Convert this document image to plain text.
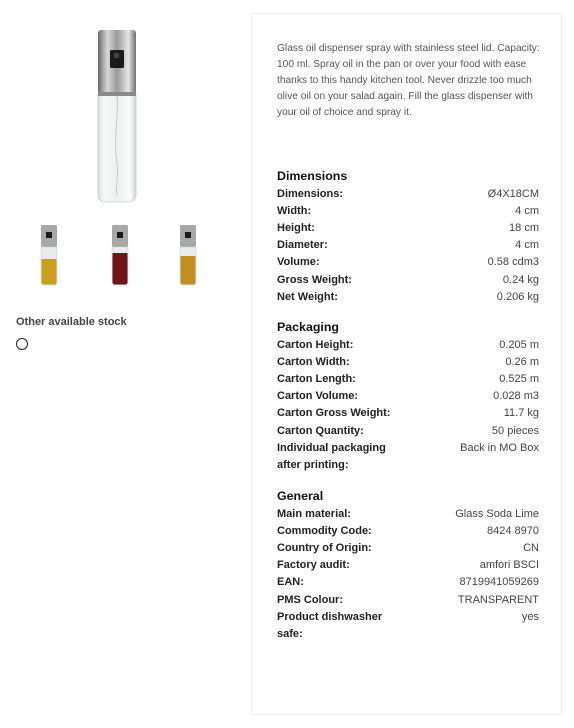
Other available stock

Glass oil dispenser spray with stainless steel lid. Capacity: 100 ml. Spray oil in the pan or over your food with ease thanks to this handy kitchen tool. Never drizzle too much olive oil on your salad again. Fill the glass dispenser with your oil of choice and spray it.

Dimensions
Dimensions:	Ø4X18CM
Width:	4 cm
Height:	18 cm
Diameter:	4 cm
Volume:	0.58 cdm3
Gross Weight:	0.24 kg
Net Weight:	0.206 kg
Packaging
Carton Height:	0.205 m
Carton Width:	0.26 m
Carton Length:	0.525 m
Carton Volume:	0.028 m3
Carton Gross Weight:	11.7 kg
Carton Quantity:	50 pieces
Individual packaging after printing:
Back in MO Box
General
Main material:	Glass Soda Lime
Commodity Code:	8424 8970
Country of Origin:	CN
Factory audit:	amfori BSCI
EAN:	8719941059269
PMS Colour:	TRANSPARENT
Product dishwasher safe:
yes
